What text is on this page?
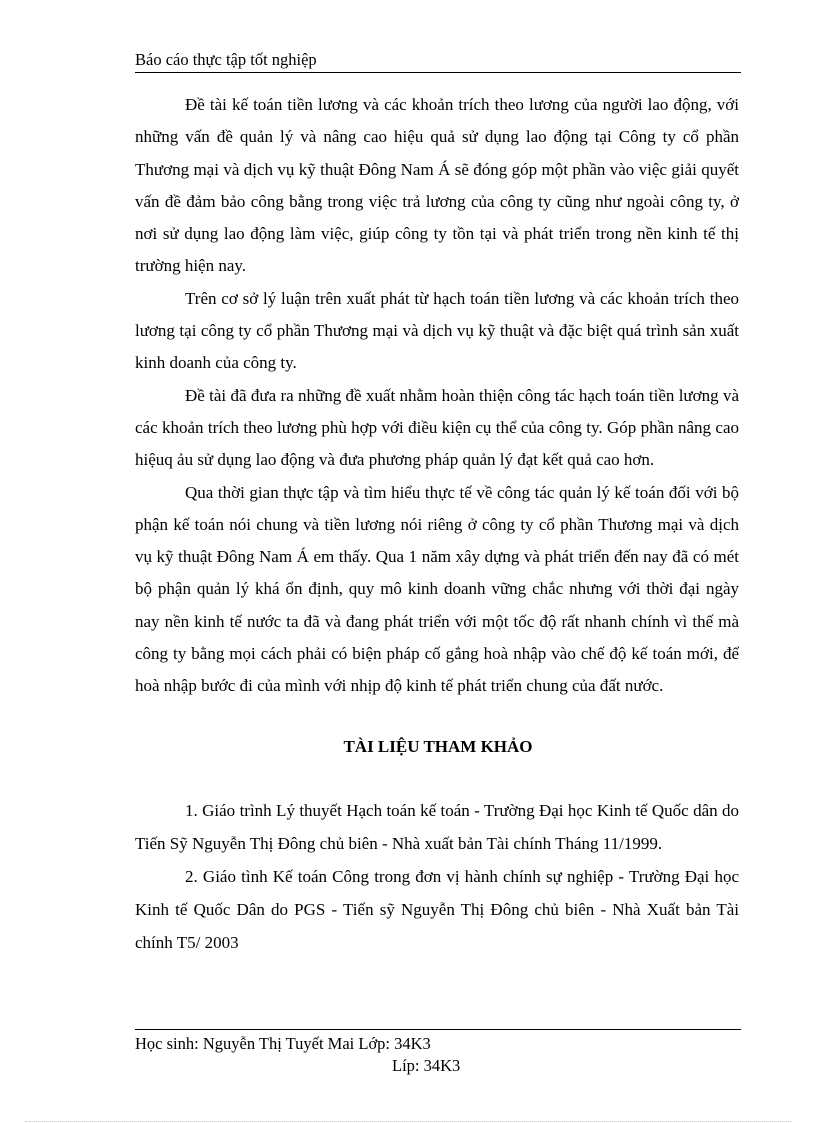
Báo cáo thực tập tốt nghiệp

Đề tài kế toán tiền lương và các khoản trích theo lương của người lao động, với những vấn đề quản lý và nâng cao hiệu quả sử dụng lao động tại Công ty cổ phần Thương mại và dịch vụ kỹ thuật Đông Nam Á sẽ đóng góp một phần vào việc giải quyết vấn đề đảm bảo công bằng trong việc trả lương của công ty cũng như ngoài công ty, ở nơi sử dụng lao động làm việc, giúp công ty tồn tại và phát triển trong nền kinh tế thị trường hiện nay.

Trên cơ sở lý luận trên xuất phát từ hạch toán tiền lương và các khoản trích theo lương tại công ty cổ phần Thương mại và dịch vụ kỹ thuật và đặc biệt quá trình sản xuất kinh doanh của công ty.

Đề tài đã đưa ra những đề xuất nhằm hoàn thiện công tác hạch toán tiền lương và các khoản trích theo lương phù hợp với điều kiện cụ thể của công ty. Góp phần nâng cao hiệuq ảu sử dụng lao động và đưa phương pháp quản lý đạt kết quả cao hơn.

Qua thời gian thực tập và tìm hiểu thực tế về công tác quản lý kế toán đối với bộ phận kế toán nói chung và tiền lương nói riêng ở công ty cổ phần Thương mại và dịch vụ kỹ thuật Đông Nam Á em thấy. Qua 1 năm xây dựng và phát triển đến nay đã có mét bộ phận quản lý khá ổn định, quy mô kinh doanh vững chắc nhưng với thời đại ngày nay nền kinh tế nước ta đã và đang phát triển với một tốc độ rất nhanh chính vì thế mà công ty bằng mọi cách phải có biện pháp cố gắng hoà nhập vào chế độ kế toán mới, để hoà nhập bước đi của mình với nhịp độ kinh tế phát triển chung của đất nước.

TÀI LIỆU THAM KHẢO

1. Giáo trình Lý thuyết Hạch toán kế toán - Trường Đại học Kinh tế Quốc dân do Tiến Sỹ Nguyễn Thị Đông chủ biên - Nhà xuất bản Tài chính Tháng 11/1999.

2. Giáo tình Kế toán Công trong đơn vị hành chính sự nghiệp - Trường Đại học Kinh tế Quốc Dân do PGS - Tiến sỹ Nguyễn Thị Đông chủ biên - Nhà Xuất bản Tài chính T5/ 2003

Học sinh: Nguyễn Thị Tuyết Mai Lớp: 34K3
Líp: 34K3
